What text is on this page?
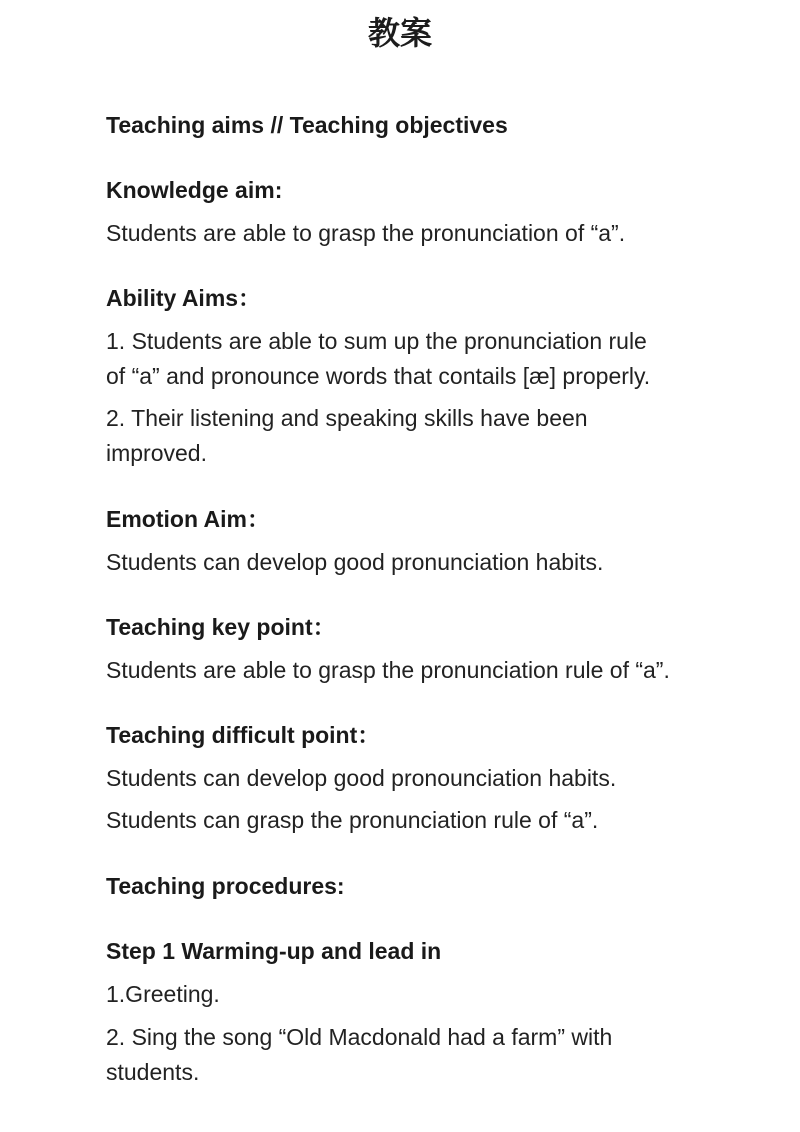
教案
Teaching aims // Teaching objectives
Knowledge aim:
Students are able to grasp the pronunciation of “a”.
Ability Aims：
1. Students are able to sum up the pronunciation rule
of “a” and pronounce words that contails [æ] properly.
2. Their listening and speaking skills have been
improved.
Emotion Aim：
Students can develop good pronunciation habits.
Teaching key point：
Students are able to grasp the pronunciation rule of “a”.
Teaching difficult point：
Students can develop good pronounciation habits.
Students can grasp the pronunciation rule of “a”.
Teaching procedures:
Step 1 Warming-up and lead in
1.Greeting.
2. Sing the song “Old Macdonald had a farm” with
students.
